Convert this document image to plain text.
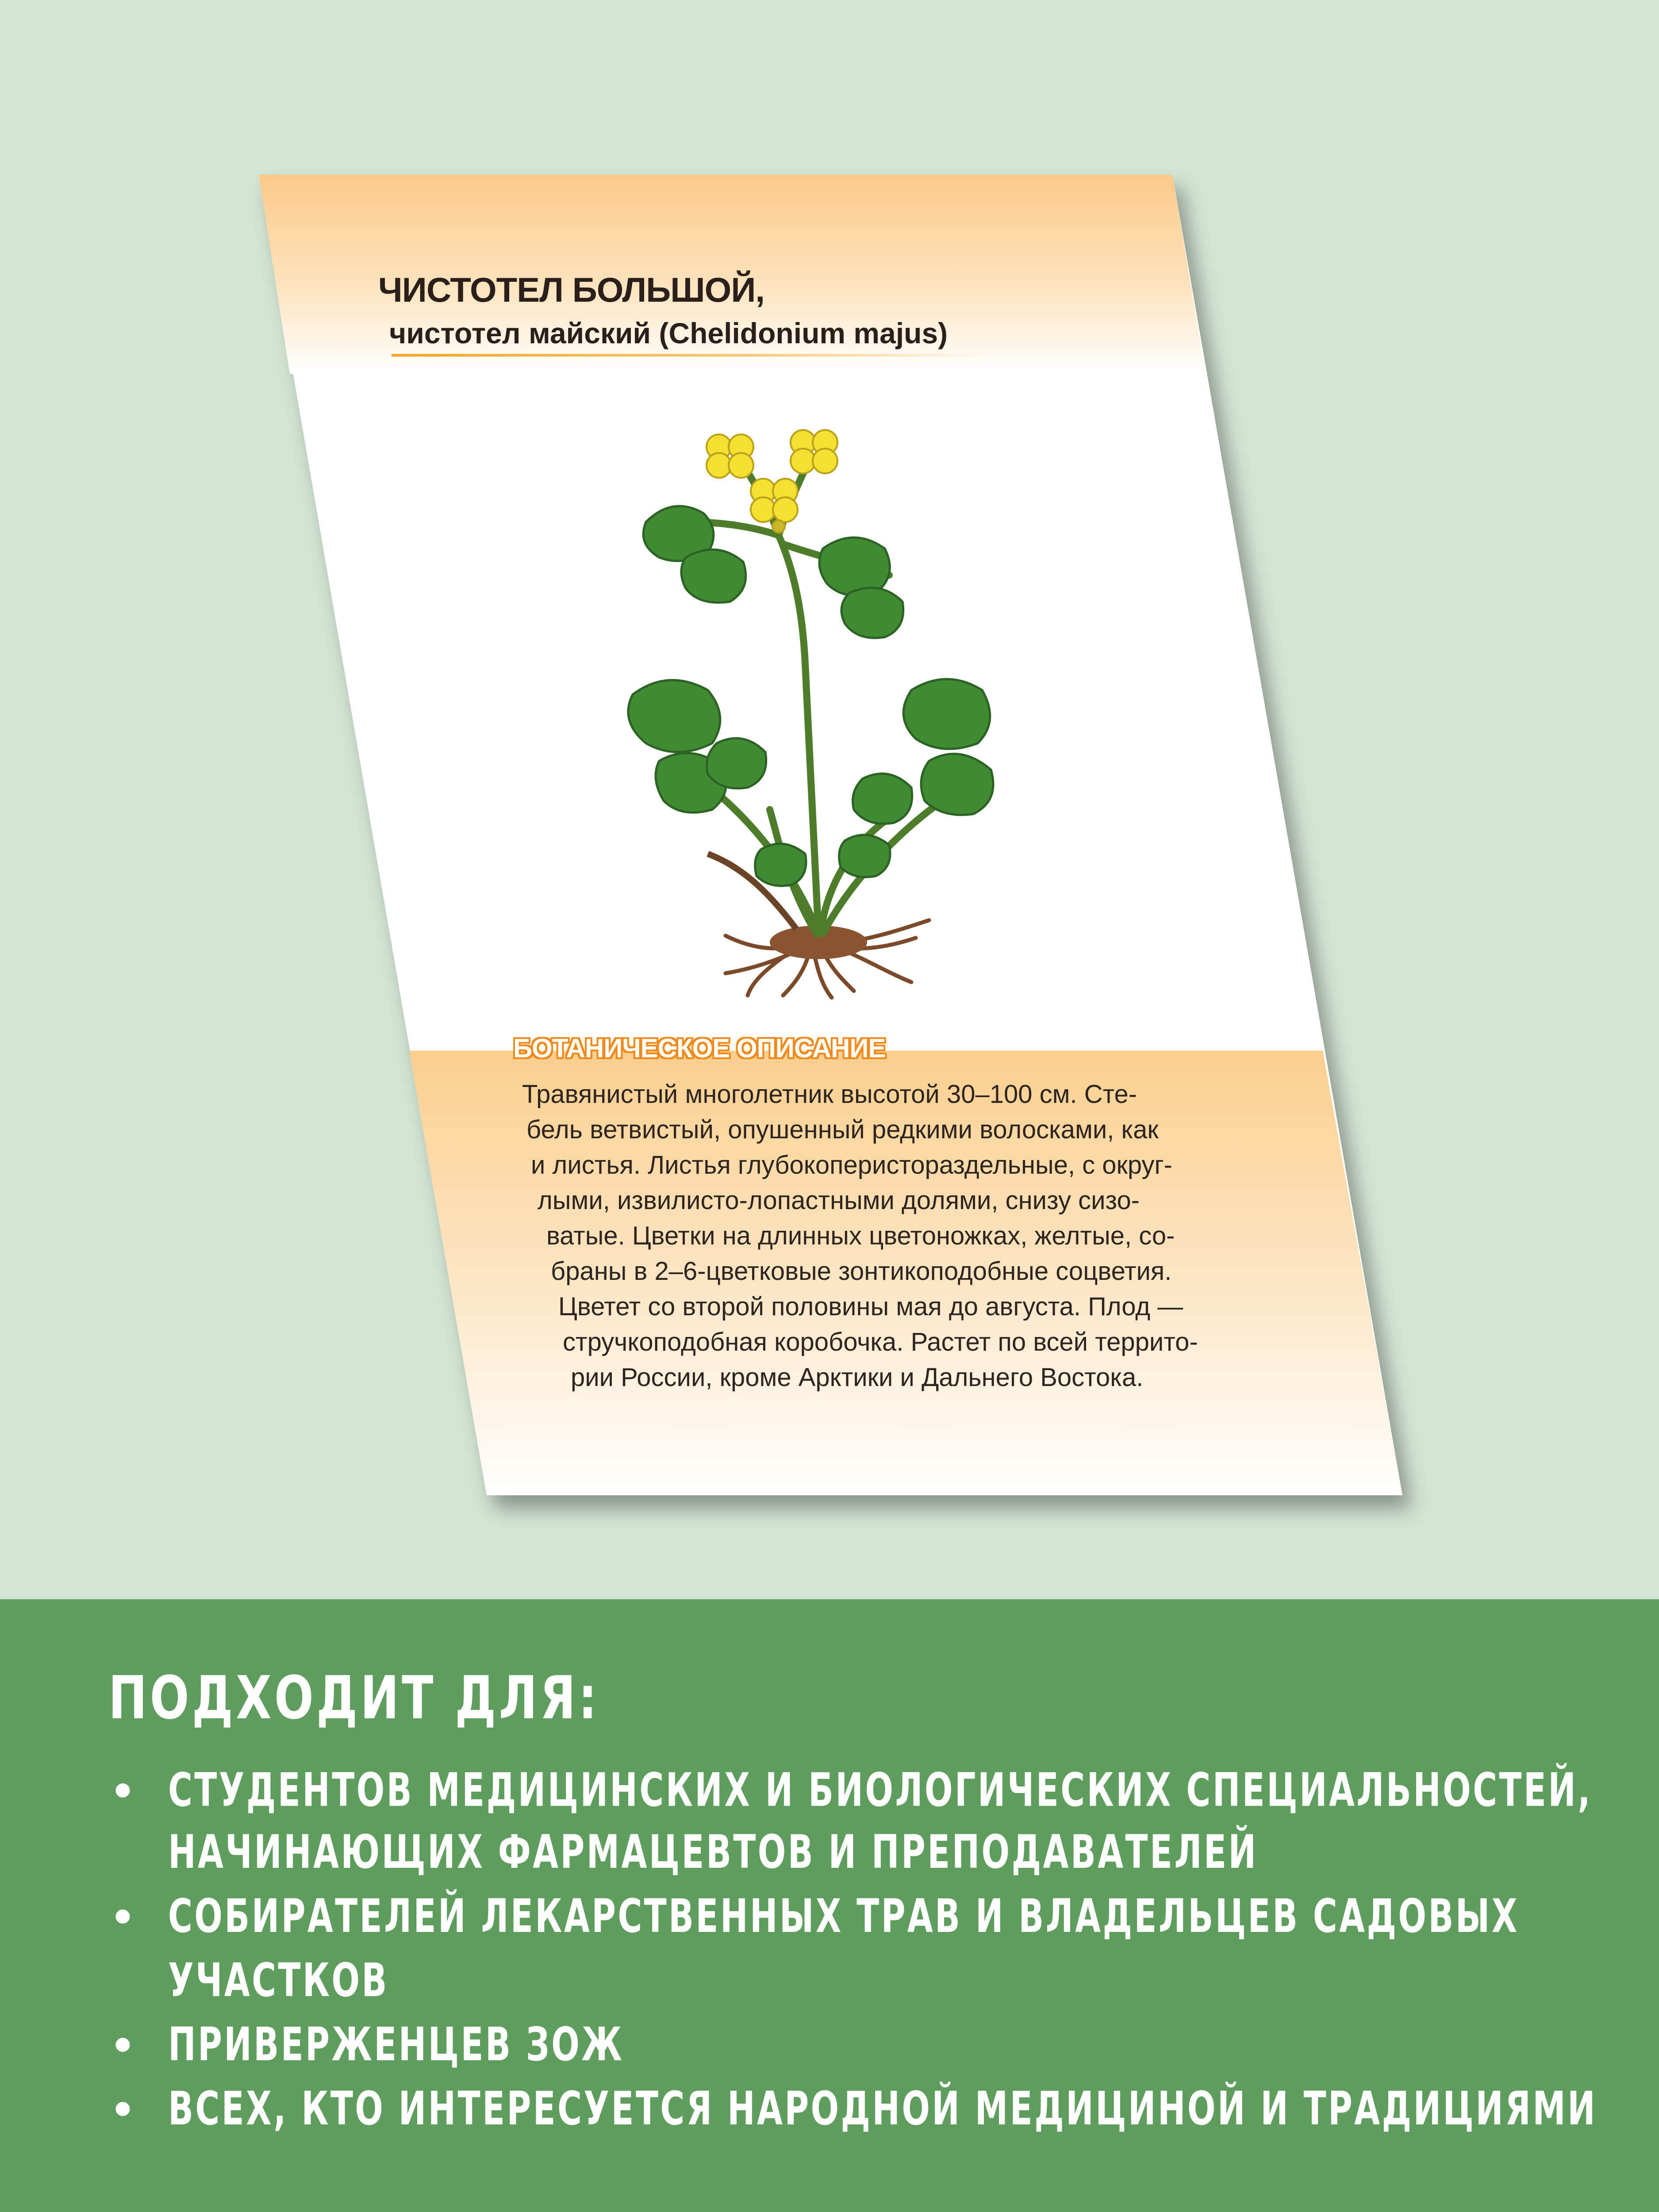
ЧИСТОТЕЛ БОЛЬШОЙ,
чистотел майский (Chelidonium majus)
БОТАНИЧЕСКОЕ ОПИСАНИЕ
Травянистый многолетник высотой 30–100 см. Сте-
бель ветвистый, опушенный редкими волосками, как
и листья. Листья глубокоперистораздельные, с округ-
лыми, извилисто-лопастными долями, снизу сизо-
ватые. Цветки на длинных цветоножках, желтые, со-
браны в 2–6-цветковые зонтикоподобные соцветия.
Цветет со второй половины мая до августа. Плод —
стручкоподобная коробочка. Растет по всей террито-
рии России, кроме Арктики и Дальнего Востока.
ПОДХОДИТ ДЛЯ:
• СТУДЕНТОВ МЕДИЦИНСКИХ И БИОЛОГИЧЕСКИХ СПЕЦИАЛЬНОСТЕЙ,
НАЧИНАЮЩИХ ФАРМАЦЕВТОВ И ПРЕПОДАВАТЕЛЕЙ
• СОБИРАТЕЛЕЙ ЛЕКАРСТВЕННЫХ ТРАВ И ВЛАДЕЛЬЦЕВ САДОВЫХ
УЧАСТКОВ
• ПРИВЕРЖЕНЦЕВ ЗОЖ
• ВСЕХ, КТО ИНТЕРЕСУЕТСЯ НАРОДНОЙ МЕДИЦИНОЙ И ТРАДИЦИЯМИ
